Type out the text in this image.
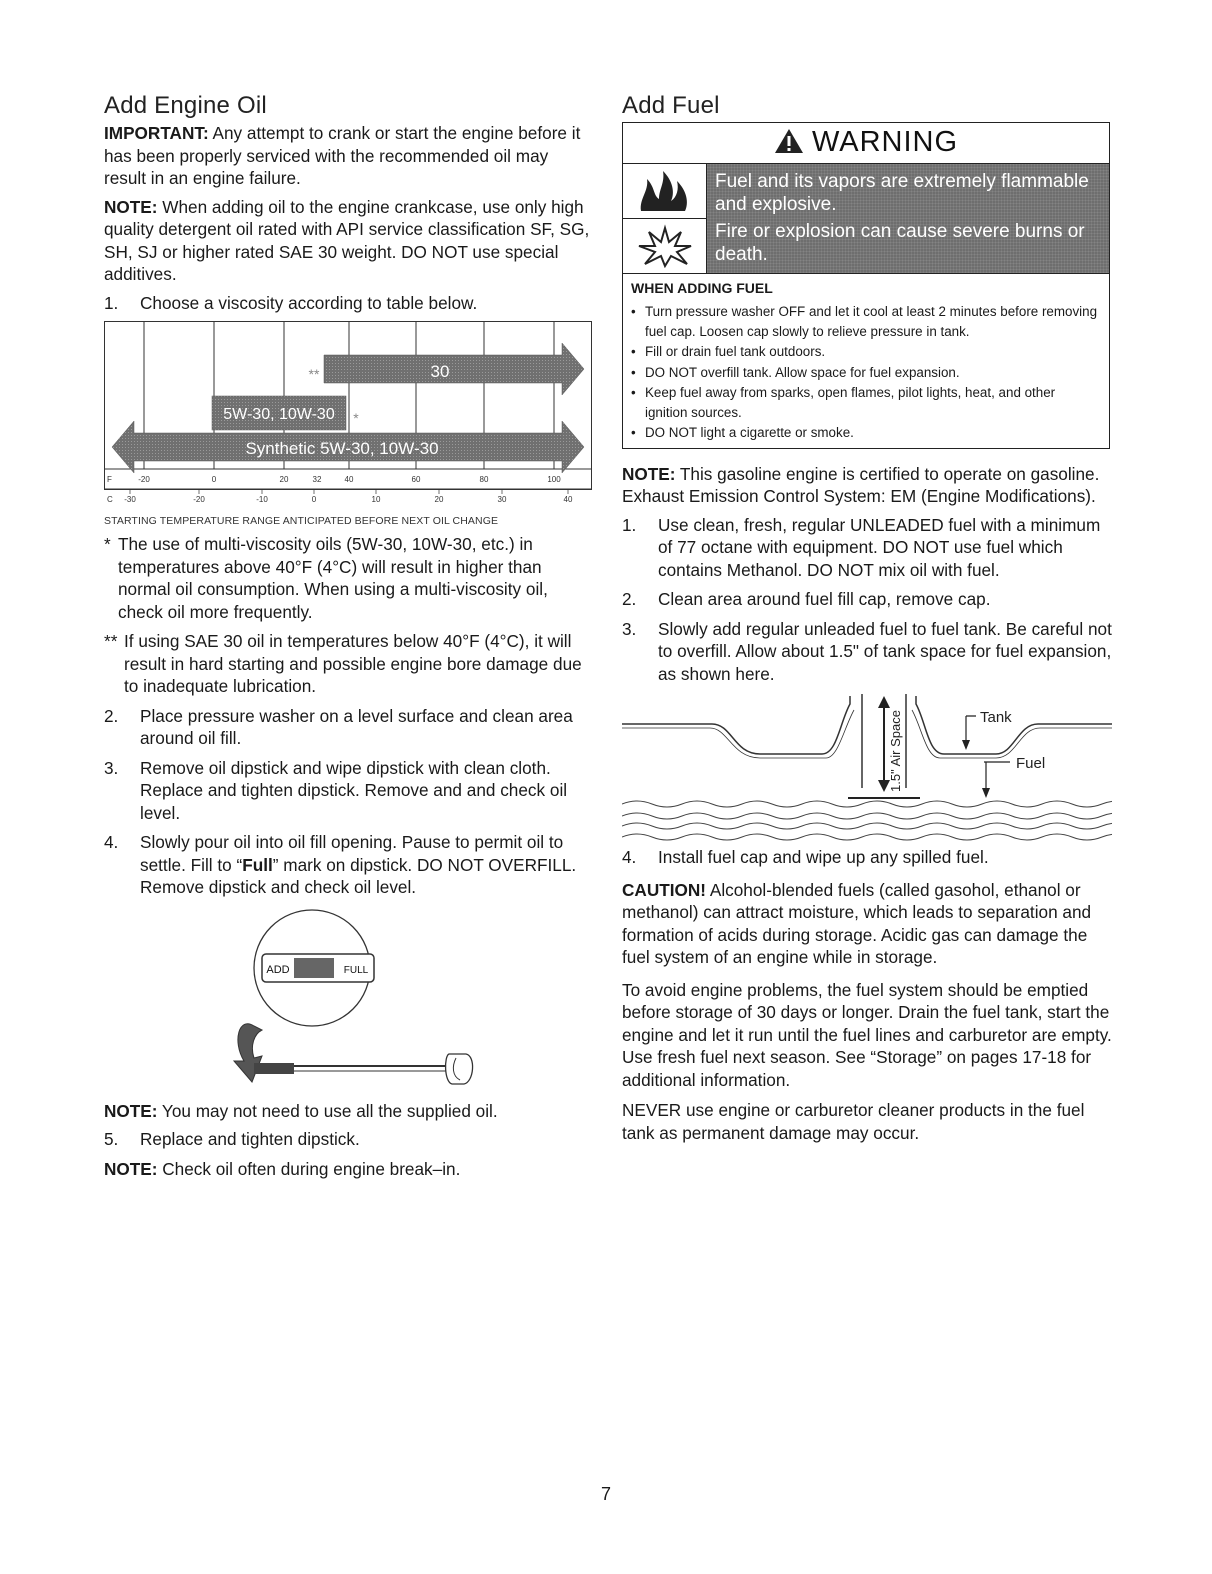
Add Engine Oil

IMPORTANT: Any attempt to crank or start the engine before it has been properly serviced with the recommended oil may result in an engine failure.

NOTE: When adding oil to the engine crankcase, use only high quality detergent oil rated with API service classification SF, SG, SH, SJ or higher rated SAE 30 weight. DO NOT use special additives.

1. Choose a viscosity according to table below.
30
**
5W-30, 10W-30 *
Synthetic 5W-30, 10W-30
F	-20	0	20	32	40	60	80	100
C -30	-20	-10	0	10	20	30	40
STARTING TEMPERATURE RANGE ANTICIPATED BEFORE NEXT OIL CHANGE
* The use of multi-viscosity oils (5W-30, 10W-30, etc.) in temperatures above 40°F (4°C) will result in higher than normal oil consumption. When using a multi-viscosity oil, check oil more frequently.
** If using SAE 30 oil in temperatures below 40°F (4°C), it will result in hard starting and possible engine bore damage due to inadequate lubrication.
2. Place pressure washer on a level surface and clean area around oil fill.
3. Remove oil dipstick and wipe dipstick with clean cloth. Replace and tighten dipstick. Remove and and check oil level.
4. Slowly pour oil into oil fill opening. Pause to permit oil to settle. Fill to “Full” mark on dipstick. DO NOT OVERFILL. Remove dipstick and check oil level.
ADD	FULL

NOTE: You may not need to use all the supplied oil.

5. Replace and tighten dipstick.

NOTE: Check oil often during engine break–in.

Add Fuel
WARNING
Fuel and its vapors are extremely flammable and explosive.
Fire or explosion can cause severe burns or death.
WHEN ADDING FUEL
• Turn pressure washer OFF and let it cool at least 2 minutes before removing fuel cap. Loosen cap slowly to relieve pressure in tank.
• Fill or drain fuel tank outdoors.
• DO NOT overfill tank. Allow space for fuel expansion.
• Keep fuel away from sparks, open flames, pilot lights, heat, and other ignition sources.
• DO NOT light a cigarette or smoke.

NOTE: This gasoline engine is certified to operate on gasoline. Exhaust Emission Control System: EM (Engine Modifications).

1. Use clean, fresh, regular UNLEADED fuel with a minimum of 77 octane with equipment. DO NOT use fuel which contains Methanol. DO NOT mix oil with fuel.
2. Clean area around fuel fill cap, remove cap.
3. Slowly add regular unleaded fuel to fuel tank. Be careful not to overfill. Allow about 1.5" of tank space for fuel expansion, as shown here.
1.5" Air Space	Tank
Fuel
4. Install fuel cap and wipe up any spilled fuel.

CAUTION! Alcohol-blended fuels (called gasohol, ethanol or methanol) can attract moisture, which leads to separation and formation of acids during storage. Acidic gas can damage the fuel system of an engine while in storage.

To avoid engine problems, the fuel system should be emptied before storage of 30 days or longer. Drain the fuel tank, start the engine and let it run until the fuel lines and carburetor are empty. Use fresh fuel next season. See “Storage” on pages 17-18 for additional information.

NEVER use engine or carburetor cleaner products in the fuel tank as permanent damage may occur.

7
